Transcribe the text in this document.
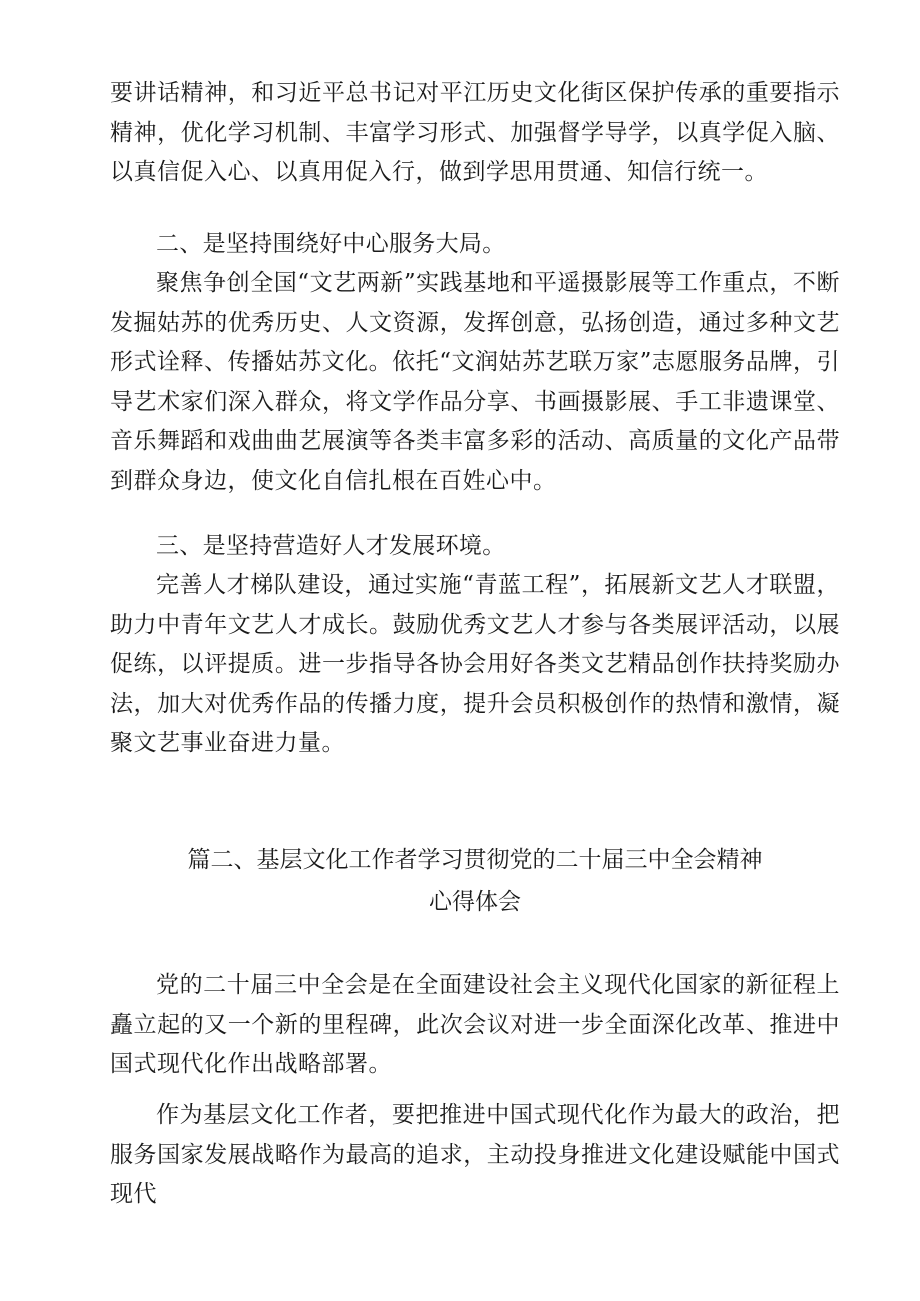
要讲话精神，和习近平总书记对平江历史文化街区保护传承的重要指示精神，优化学习机制、丰富学习形式、加强督学导学，以真学促入脑、以真信促入心、以真用促入行，做到学思用贯通、知信行统一。

二、是坚持围绕好中心服务大局。

聚焦争创全国“文艺两新”实践基地和平遥摄影展等工作重点，不断发掘姑苏的优秀历史、人文资源，发挥创意，弘扬创造，通过多种文艺形式诠释、传播姑苏文化。依托“文润姑苏艺联万家”志愿服务品牌，引导艺术家们深入群众，将文学作品分享、书画摄影展、手工非遗课堂、音乐舞蹈和戏曲曲艺展演等各类丰富多彩的活动、高质量的文化产品带到群众身边，使文化自信扎根在百姓心中。

三、是坚持营造好人才发展环境。

完善人才梯队建设，通过实施“青蓝工程”，拓展新文艺人才联盟，助力中青年文艺人才成长。鼓励优秀文艺人才参与各类展评活动，以展促练，以评提质。进一步指导各协会用好各类文艺精品创作扶持奖励办法，加大对优秀作品的传播力度，提升会员积极创作的热情和激情，凝聚文艺事业奋进力量。

篇二、基层文化工作者学习贯彻党的二十届三中全会精神
心得体会

党的二十届三中全会是在全面建设社会主义现代化国家的新征程上矗立起的又一个新的里程碑，此次会议对进一步全面深化改革、推进中国式现代化作出战略部署。

作为基层文化工作者，要把推进中国式现代化作为最大的政治，把服务国家发展战略作为最高的追求，主动投身推进文化建设赋能中国式现代
